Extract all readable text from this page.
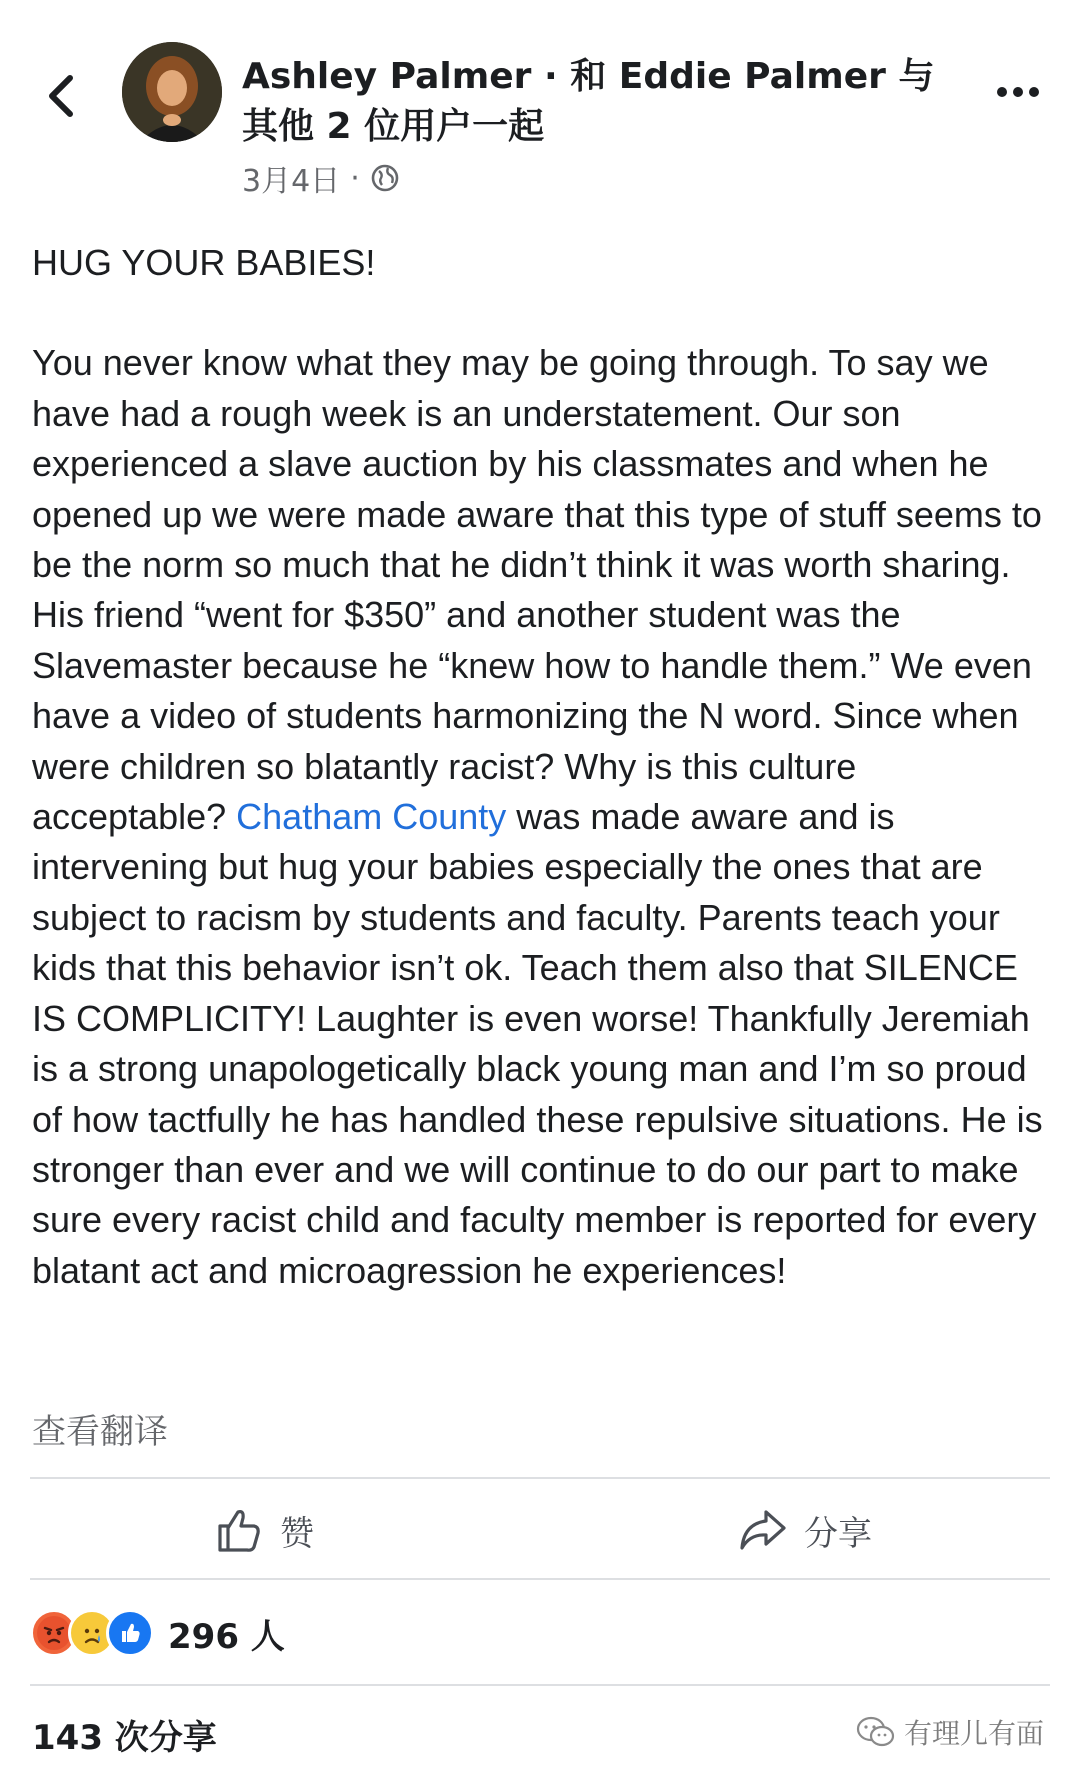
Ashley Palmer · 和 Eddie Palmer 与其他 2 位用户一起
3月4日 ·

HUG YOUR BABIES!

You never know what they may be going through. To say we have had a rough week is an understatement. Our son experienced a slave auction by his classmates and when he opened up we were made aware that this type of stuff seems to be the norm so much that he didn’t think it was worth sharing. His friend “went for $350” and another student was the Slavemaster because he “knew how to handle them.” We even have a video of students harmonizing the N word. Since when were children so blatantly racist? Why is this culture acceptable? Chatham County was made aware and is intervening but hug your babies especially the ones that are subject to racism by students and faculty. Parents teach your kids that this behavior isn’t ok. Teach them also that SILENCE IS COMPLICITY! Laughter is even worse! Thankfully Jeremiah is a strong unapologetically black young man and I’m so proud of how tactfully he has handled these repulsive situations. He is stronger than ever and we will continue to do our part to make sure every racist child and faculty member is reported for every blatant act and microagression he experiences!

查看翻译
赞	分享
296 人
143 次分享	有理儿有面
